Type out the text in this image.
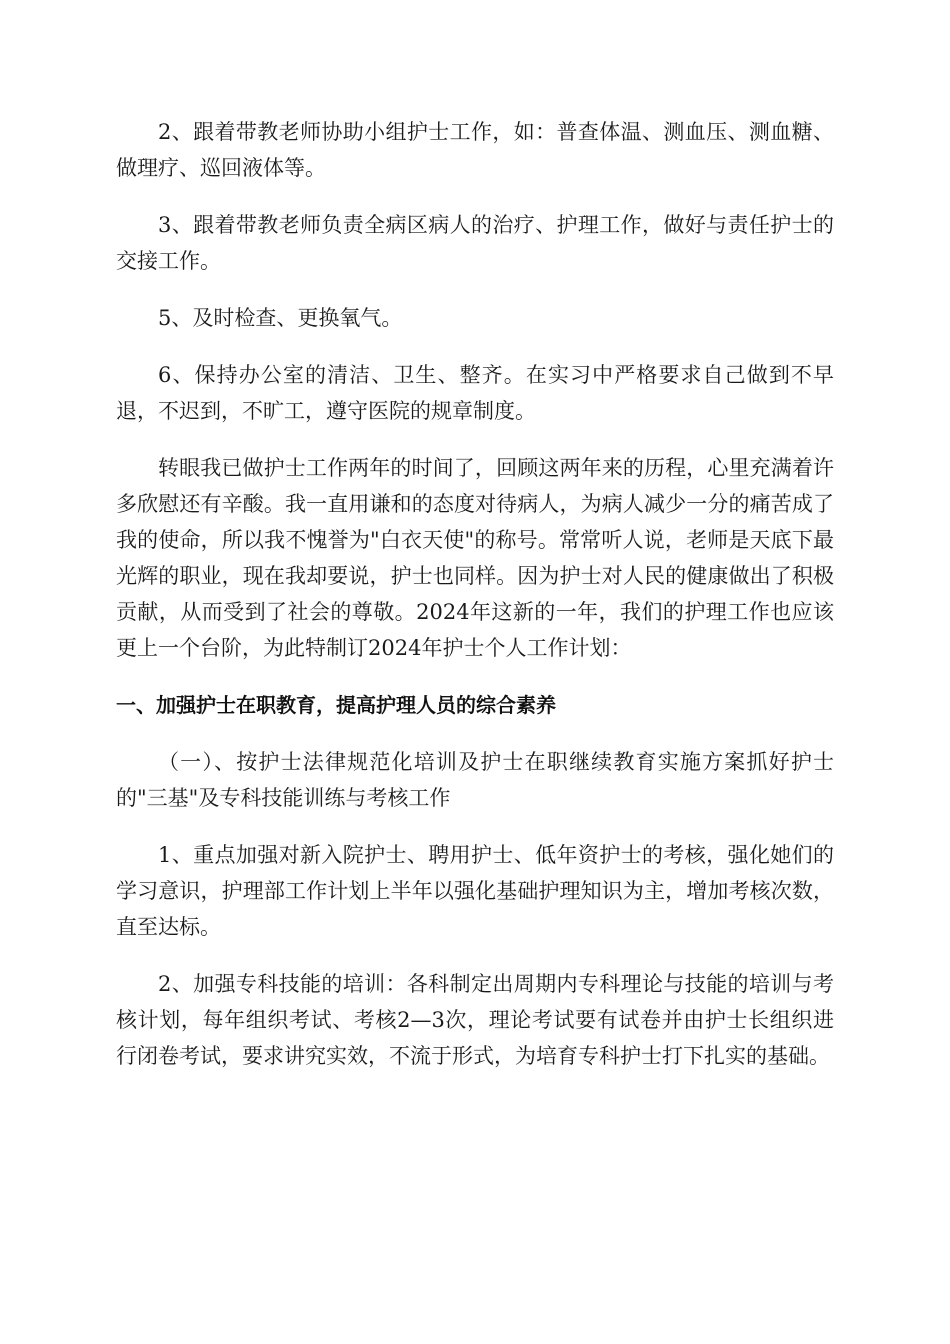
2、跟着带教老师协助小组护士工作，如：普查体温、测血压、测血糖、做理疗、巡回液体等。

3、跟着带教老师负责全病区病人的治疗、护理工作，做好与责任护士的交接工作。

5、及时检查、更换氧气。

6、保持办公室的清洁、卫生、整齐。在实习中严格要求自己做到不早退，不迟到，不旷工，遵守医院的规章制度。

转眼我已做护士工作两年的时间了，回顾这两年来的历程，心里充满着许多欣慰还有辛酸。我一直用谦和的态度对待病人，为病人减少一分的痛苦成了我的使命，所以我不愧誉为"白衣天使"的称号。常常听人说，老师是天底下最光辉的职业，现在我却要说，护士也同样。因为护士对人民的健康做出了积极贡献，从而受到了社会的尊敬。2024年这新的一年，我们的护理工作也应该更上一个台阶，为此特制订2024年护士个人工作计划：

一、加强护士在职教育，提高护理人员的综合素养

（一）、按护士法律规范化培训及护士在职继续教育实施方案抓好护士的"三基"及专科技能训练与考核工作

1、重点加强对新入院护士、聘用护士、低年资护士的考核，强化她们的学习意识，护理部工作计划上半年以强化基础护理知识为主，增加考核次数，直至达标。

2、加强专科技能的培训：各科制定出周期内专科理论与技能的培训与考核计划，每年组织考试、考核2—3次，理论考试要有试卷并由护士长组织进行闭卷考试，要求讲究实效，不流于形式，为培育专科护士打下扎实的基础。
